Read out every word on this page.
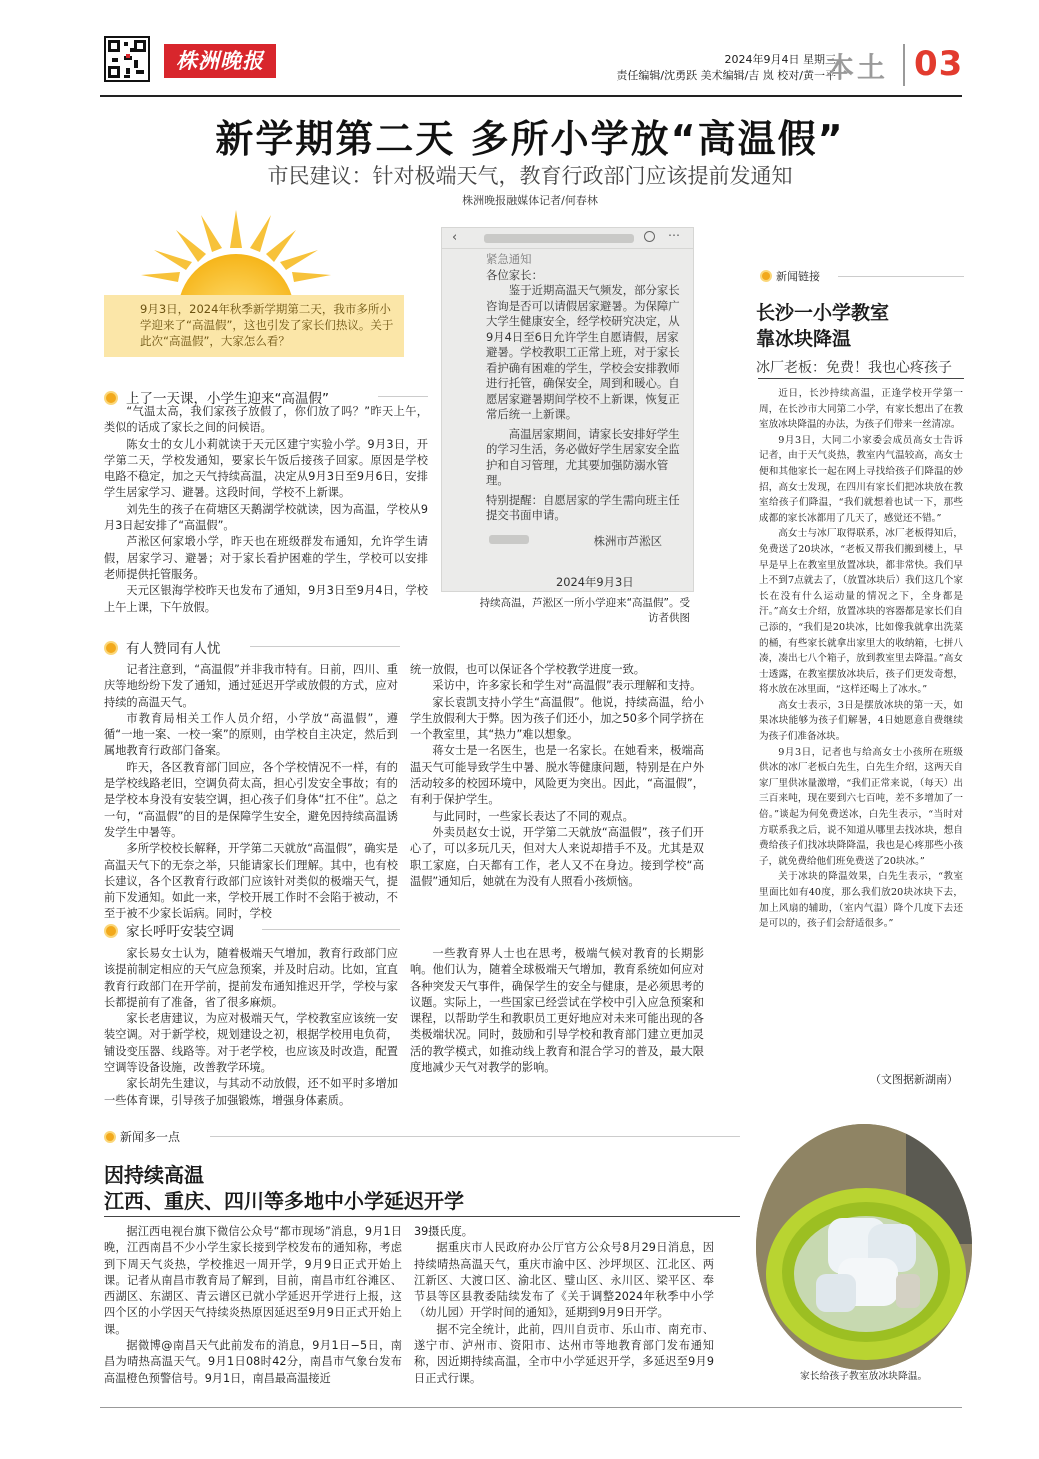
株洲晚报	2024年9月4日 星期三
责任编辑/沈勇跃 美术编辑/吉 岚 校对/黄一平
本土 03
新学期第二天 多所小学放“高温假”
市民建议：针对极端天气，教育行政部门应该提前发通知
株洲晚报融媒体记者/何春林

9月3日，2024年秋季新学期第二天，我市多所小学迎来了“高温假”，这也引发了家长们热议。关于此次“高温假”，大家怎么看？

‹	⋯

紧急通知

各位家长：

鉴于近期高温天气频发，部分家长咨询是否可以请假居家避暑。为保障广大学生健康安全，经学校研究决定，从9月4日至6日允许学生自愿请假，居家避暑。学校教职工正常上班，对于家长看护确有困难的学生，学校会安排教师进行托管，确保安全，周到和暖心。自愿居家避暑期间学校不上新课，恢复正常后统一上新课。

高温居家期间，请家长安排好学生的学习生活，务必做好学生居家安全监护和自习管理，尤其要加强防溺水管理。

特别提醒：自愿居家的学生需向班主任提交书面申请。

株洲市芦淞区

2024年9月3日

持续高温，芦淞区一所小学迎来“高温假”。受访者供图
上了一天课，小学生迎来“高温假”

“气温太高，我们家孩子放假了，你们放了吗？”昨天上午，类似的话成了家长之间的问候语。

陈女士的女儿小莉就读于天元区建宁实验小学。9月3日，开学第二天，学校发通知，要家长午饭后接孩子回家。原因是学校电路不稳定，加之天气持续高温，决定从9月3日至9月6日，安排学生居家学习、避暑。这段时间，学校不上新课。

刘先生的孩子在荷塘区天鹅湖学校就读，因为高温，学校从9月3日起安排了“高温假”。

芦淞区何家塅小学，昨天也在班级群发布通知，允许学生请假，居家学习、避暑；对于家长看护困难的学生，学校可以安排老师提供托管服务。

天元区银海学校昨天也发布了通知，9月3日至9月4日，学校上午上课，下午放假。

有人赞同有人忧

记者注意到，“高温假”并非我市特有。日前，四川、重庆等地纷纷下发了通知，通过延迟开学或放假的方式，应对持续的高温天气。

市教育局相关工作人员介绍，小学放“高温假”，遵循“一地一案、一校一案”的原则，由学校自主决定，然后到属地教育行政部门备案。

昨天，各区教育部门回应，各个学校情况不一样，有的是学校线路老旧，空调负荷太高，担心引发安全事故；有的是学校本身没有安装空调，担心孩子们身体“扛不住”。总之一句，“高温假”的目的是保障学生安全，避免因持续高温诱发学生中暑等。

多所学校校长解释，开学第二天就放“高温假”，确实是高温天气下的无奈之举，只能请家长们理解。其中，也有校长建议，各个区教育行政部门应该针对类似的极端天气，提前下发通知。如此一来，学校开展工作时不会陷于被动，不至于被不少家长诟病。同时，学校

统一放假，也可以保证各个学校教学进度一致。

采访中，许多家长和学生对“高温假”表示理解和支持。

家长袁凯支持小学生“高温假”。他说，持续高温，给小学生放假利大于弊。因为孩子们还小，加之50多个同学挤在一个教室里，其“热力”难以想象。

蒋女士是一名医生，也是一名家长。在她看来，极端高温天气可能导致学生中暑、脱水等健康问题，特别是在户外活动较多的校园环境中，风险更为突出。因此，“高温假”，有利于保护学生。

与此同时，一些家长表达了不同的观点。

外卖员赵女士说，开学第二天就放“高温假”，孩子们开心了，可以多玩几天，但对大人来说却措手不及。尤其是双职工家庭，白天都有工作，老人又不在身边。接到学校“高温假”通知后，她就在为没有人照看小孩烦恼。

家长呼吁安装空调

家长易女士认为，随着极端天气增加，教育行政部门应该提前制定相应的天气应急预案，并及时启动。比如，宜直教育行政部门在开学前，提前发布通知推迟开学，学校与家长都提前有了准备，省了很多麻烦。

家长老唐建议，为应对极端天气，学校教室应该统一安装空调。对于新学校，规划建设之初，根据学校用电负荷，铺设变压器、线路等。对于老学校，也应该及时改造，配置空调等设备设施，改善教学环境。

家长胡先生建议，与其动不动放假，还不如平时多增加一些体育课，引导孩子加强锻炼，增强身体素质。

一些教育界人士也在思考，极端气候对教育的长期影响。他们认为，随着全球极端天气增加，教育系统如何应对各种突发天气事件，确保学生的安全与健康，是必须思考的议题。实际上，一些国家已经尝试在学校中引入应急预案和课程，以帮助学生和教职员工更好地应对未来可能出现的各类极端状况。同时，鼓励和引导学校和教育部门建立更加灵活的教学模式，如推动线上教育和混合学习的普及，最大限度地减少天气对教学的影响。

新闻链接
长沙一小学教室
靠冰块降温
冰厂老板：免费！我也心疼孩子

近日，长沙持续高温，正逢学校开学第一周，在长沙市大同第二小学，有家长想出了在教室放冰块降温的办法，为孩子们带来一丝清凉。

9月3日，大同二小家委会成员高女士告诉记者，由于天气炎热，教室内气温较高，高女士便和其他家长一起在网上寻找给孩子们降温的妙招，高女士发现，在四川有家长们把冰块放在教室给孩子们降温，“我们就想着也试一下，那些成都的家长冰都用了几天了，感觉还不错。”

高女士与冰厂取得联系，冰厂老板得知后，免费送了20块冰，“老板又帮我们搬到楼上，早早是早上在教室里放置冰块，都非常快。我们早上不到7点就去了，（放置冰块后）我们这几个家长在没有什么运动量的情况之下，全身都是汗。”高女士介绍，放置冰块的容器都是家长们自己添的，“我们是20块冰，比如像我就拿出洗菜的桶，有些家长就拿出家里大的收纳箱，七拼八凑，凑出七八个箱子，放到教室里去降温。”高女士透露，在教室摆放冰块后，孩子们更发奇想，将水放在冰里面，“这样还喝上了冰水。”

高女士表示，3日是摆放冰块的第一天，如果冰块能够为孩子们解暑，4日她愿意自费继续为孩子们准备冰块。

9月3日，记者也与给高女士小孩所在班级供冰的冰厂老板白先生，白先生介绍，这两天自家厂里供冰量激增，“我们正常来说，（每天）出三百来吨，现在要到六七百吨，差不多增加了一倍。”谈起为何免费送冰，白先生表示，“当时对方联系我之后，说不知道从哪里去找冰块，想自费给孩子们找冰块降降温，我也是心疼那些小孩子，就免费给他们班免费送了20块冰。”

关于冰块的降温效果，白先生表示，“教室里面比如有40度，那么我们放20块冰块下去，加上风扇的辅助，（室内气温）降个几度下去还是可以的，孩子们会舒适很多。”

（文图据新湖南）
新闻多一点
因持续高温
江西、重庆、四川等多地中小学延迟开学

据江西电视台旗下微信公众号“都市现场”消息，9月1日晚，江西南昌不少小学生家长接到学校发布的通知称，考虑到下周天气炎热，学校推迟一周开学，9月9日正式开始上课。记者从南昌市教育局了解到，目前，南昌市红谷滩区、西湖区、东湖区、青云谱区已就小学延迟开学进行上报，这四个区的小学因天气持续炎热原因延迟至9月9日正式开始上课。

据微博@南昌天气此前发布的消息，9月1日−5日，南昌为晴热高温天气。9月1日08时42分，南昌市气象台发布高温橙色预警信号。9月1日，南昌最高温接近

39摄氏度。

据重庆市人民政府办公厅官方公众号8月29日消息，因持续晴热高温天气，重庆市渝中区、沙坪坝区、江北区、两江新区、大渡口区、渝北区、璧山区、永川区、梁平区、奉节县等区县教委陆续发布了《关于调整2024年秋季中小学（幼儿园）开学时间的通知》，延期到9月9日开学。

据不完全统计，此前，四川自贡市、乐山市、南充市、遂宁市、泸州市、资阳市、达州市等地教育部门发布通知称，因近期持续高温，全市中小学延迟开学，多延迟至9月9日正式行课。	家长给孩子教室放冰块降温。
